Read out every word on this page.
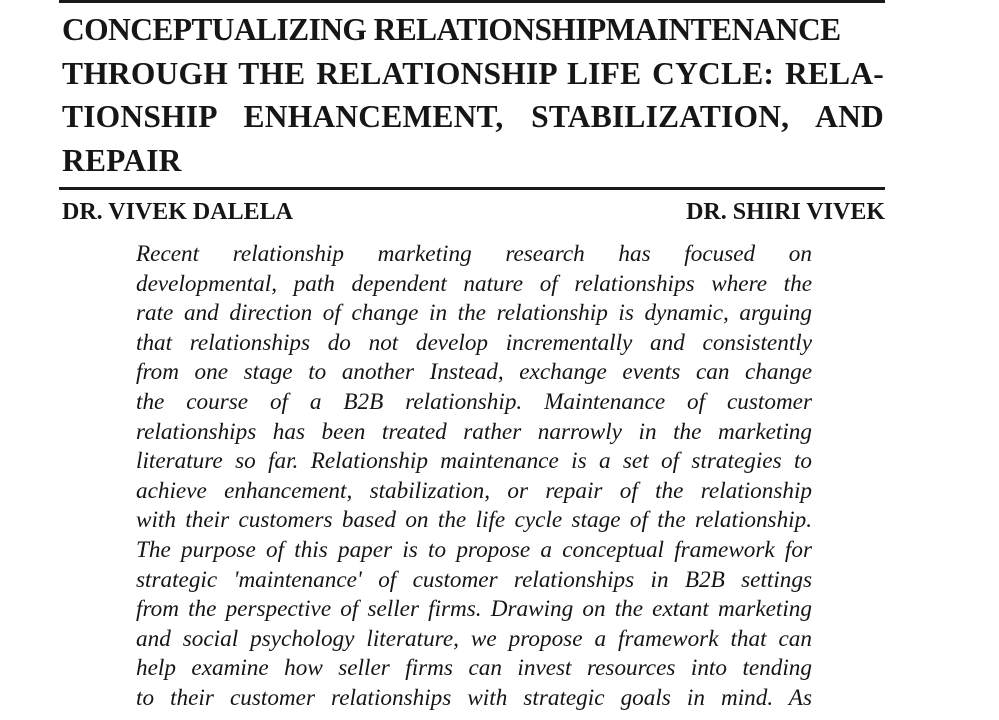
CONCEPTUALIZING RELATIONSHIPMAINTENANCE
THROUGH THE RELATIONSHIP LIFE CYCLE: RELA-
TIONSHIP ENHANCEMENT, STABILIZATION, AND
REPAIR

DR. VIVEK DALELA	DR. SHIRI VIVEK

Recent relationship marketing research has focused on
developmental, path dependent nature of relationships where the
rate and direction of change in the relationship is dynamic, arguing
that relationships do not develop incrementally and consistently
from one stage to another Instead, exchange events can change
the course of a B2B relationship. Maintenance of customer
relationships has been treated rather narrowly in the marketing
literature so far. Relationship maintenance is a set of strategies to
achieve enhancement, stabilization, or repair of the relationship
with their customers based on the life cycle stage of the relationship.
The purpose of this paper is to propose a conceptual framework for
strategic 'maintenance' of customer relationships in B2B settings
from the perspective of seller firms. Drawing on the extant marketing
and social psychology literature, we propose a framework that can
help examine how seller firms can invest resources into tending
to their customer relationships with strategic goals in mind. As
